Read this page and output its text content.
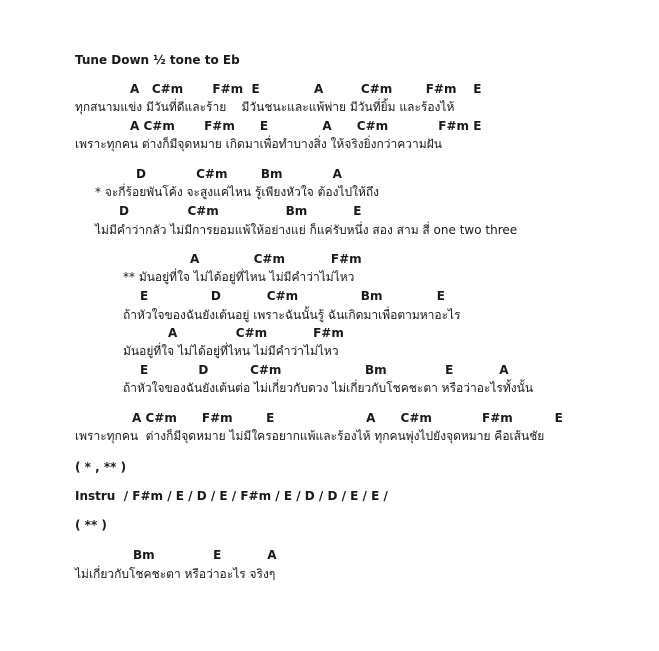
Tune Down ½ tone to Eb
A   C#m       F#m  E             A         C#m        F#m    E
ทุกสนามแข่ง มีวันที่ดีและร้าย    มีวันชนะและแพ้พ่าย มีวันที่ยิ้ม และร้องไห้
A C#m       F#m      E             A      C#m            F#m E
เพราะทุกคน ต่างก็มีจุดหมาย เกิดมาเพื่อทำบางสิ่ง ให้จริงยิ่งกว่าความฝัน
D            C#m        Bm            A
* จะกี่ร้อยพันโค้ง จะสูงแค่ไหน รู้เพียงหัวใจ ต้องไปให้ถึง
D              C#m                Bm           E
ไม่มีคำว่ากลัว ไม่มีการยอมแพ้ให้อย่างแย่ ก็แค่รับหนึ่ง สอง สาม สี่ one two three
A             C#m           F#m
** มันอยู่ที่ใจ ไม่ได้อยู่ที่ไหน ไม่มีคำว่าไม่ไหว
E               D           C#m               Bm             E
ถ้าหัวใจของฉันยังเต้นอยู่ เพราะฉันนั้นรู้ ฉันเกิดมาเพื่อตามหาอะไร
A              C#m           F#m
มันอยู่ที่ใจ ไม่ได้อยู่ที่ไหน ไม่มีคำว่าไม่ไหว
E            D          C#m                    Bm              E           A
ถ้าหัวใจของฉันยังเต้นต่อ ไม่เกี่ยวกับดวง ไม่เกี่ยวกับโชคชะตา หรือว่าอะไรทั้งนั้น
A C#m      F#m        E                      A      C#m            F#m          E
เพราะทุกคน  ต่างก็มีจุดหมาย ไม่มีใครอยากแพ้และร้องไห้ ทุกคนพุ่งไปยังจุดหมาย คือเส้นชัย
( * , ** )
Instru  / F#m / E / D / E / F#m / E / D / D / E / E /
( ** )
Bm              E           A
ไม่เกี่ยวกับโชคชะตา หรือว่าอะไร จริงๆ
